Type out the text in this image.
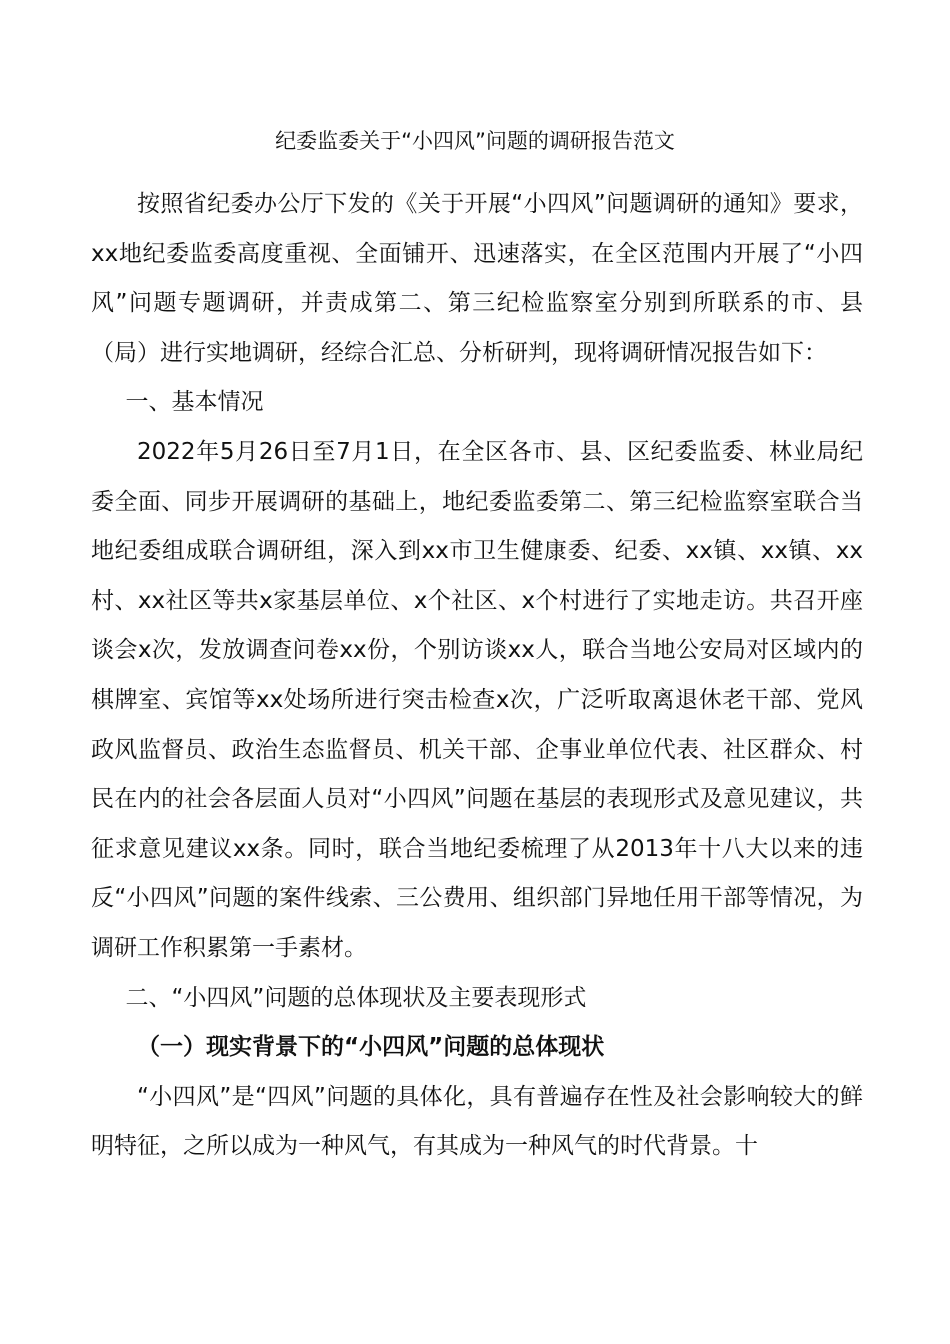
纪委监委关于“小四风”问题的调研报告范文

按照省纪委办公厅下发的《关于开展“小四风”问题调研的通知》要求，xx地纪委监委高度重视、全面铺开、迅速落实，在全区范围内开展了“小四风”问题专题调研，并责成第二、第三纪检监察室分别到所联系的市、县（局）进行实地调研，经综合汇总、分析研判，现将调研情况报告如下：

一、基本情况

2022年5月26日至7月1日，在全区各市、县、区纪委监委、林业局纪委全面、同步开展调研的基础上，地纪委监委第二、第三纪检监察室联合当地纪委组成联合调研组，深入到xx市卫生健康委、纪委、xx镇、xx镇、xx村、xx社区等共x家基层单位、x个社区、x个村进行了实地走访。共召开座谈会x次，发放调查问卷xx份，个别访谈xx人，联合当地公安局对区域内的棋牌室、宾馆等xx处场所进行突击检查x次，广泛听取离退休老干部、党风政风监督员、政治生态监督员、机关干部、企事业单位代表、社区群众、村民在内的社会各层面人员对“小四风”问题在基层的表现形式及意见建议，共征求意见建议xx条。同时，联合当地纪委梳理了从2013年十八大以来的违反“小四风”问题的案件线索、三公费用、组织部门异地任用干部等情况，为调研工作积累第一手素材。

二、“小四风”问题的总体现状及主要表现形式

（一）现实背景下的“小四风”问题的总体现状

“小四风”是“四风”问题的具体化，具有普遍存在性及社会影响较大的鲜明特征，之所以成为一种风气，有其成为一种风气的时代背景。十
